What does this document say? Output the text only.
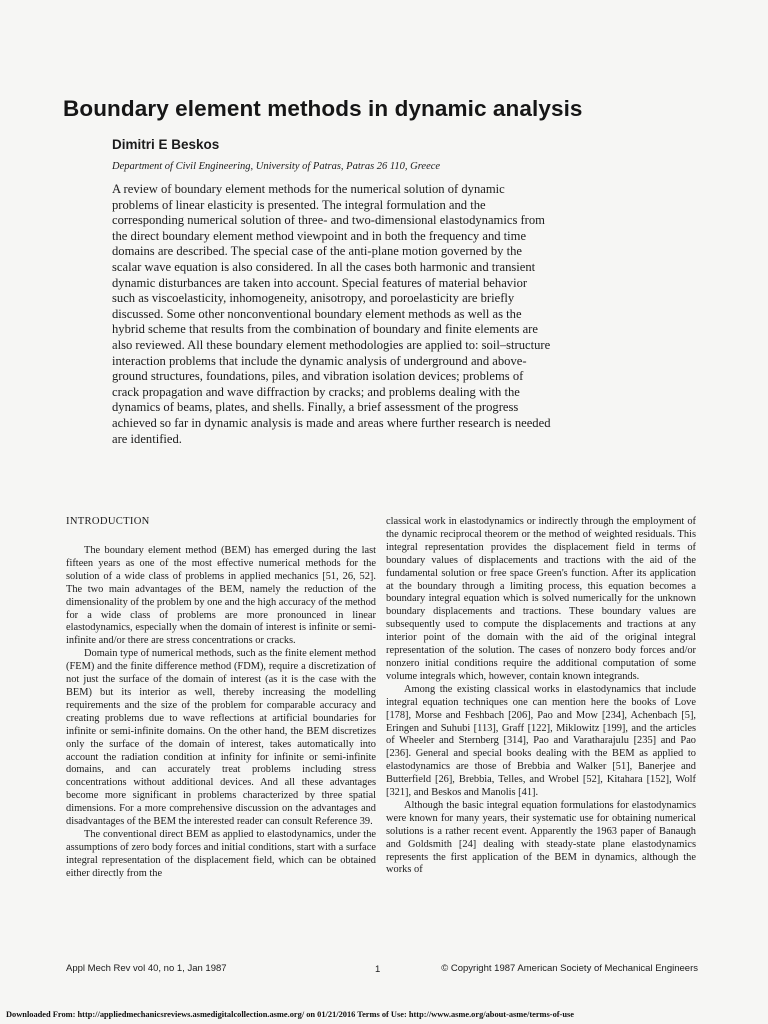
Boundary element methods in dynamic analysis
Dimitri E Beskos
Department of Civil Engineering, University of Patras, Patras 26 110, Greece

A review of boundary element methods for the numerical solution of dynamic problems of linear elasticity is presented. The integral formulation and the corresponding numerical solution of three- and two-dimensional elastodynamics from the direct boundary element method viewpoint and in both the frequency and time domains are described. The special case of the anti-plane motion governed by the scalar wave equation is also considered. In all the cases both harmonic and transient dynamic disturbances are taken into account. Special features of material behavior such as viscoelasticity, inhomogeneity, anisotropy, and poroelasticity are briefly discussed. Some other nonconventional boundary element methods as well as the hybrid scheme that results from the combination of boundary and finite elements are also reviewed. All these boundary element methodologies are applied to: soil–structure interaction problems that include the dynamic analysis of underground and above-ground structures, foundations, piles, and vibration isolation devices; problems of crack propagation and wave diffraction by cracks; and problems dealing with the dynamics of beams, plates, and shells. Finally, a brief assessment of the progress achieved so far in dynamic analysis is made and areas where further research is needed are identified.

INTRODUCTION

The boundary element method (BEM) has emerged during the last fifteen years as one of the most effective numerical methods for the solution of a wide class of problems in applied mechanics [51, 26, 52]. The two main advantages of the BEM, namely the reduction of the dimensionality of the problem by one and the high accuracy of the method for a wide class of problems are more pronounced in linear elastodynamics, especially when the domain of interest is infinite or semi-infinite and/or there are stress concentrations or cracks.

Domain type of numerical methods, such as the finite element method (FEM) and the finite difference method (FDM), require a discretization of not just the surface of the domain of interest (as it is the case with the BEM) but its interior as well, thereby increasing the modelling requirements and the size of the problem for comparable accuracy and creating problems due to wave reflections at artificial boundaries for infinite or semi-infinite domains. On the other hand, the BEM discretizes only the surface of the domain of interest, takes automatically into account the radiation condition at infinity for infinite or semi-infinite domains, and can accurately treat problems including stress concentrations without additional devices. And all these advantages become more significant in problems characterized by three spatial dimensions. For a more comprehensive discussion on the advantages and disadvantages of the BEM the interested reader can consult Reference 39.

The conventional direct BEM as applied to elastodynamics, under the assumptions of zero body forces and initial conditions, start with a surface integral representation of the displacement field, which can be obtained either directly from the

classical work in elastodynamics or indirectly through the employment of the dynamic reciprocal theorem or the method of weighted residuals. This integral representation provides the displacement field in terms of boundary values of displacements and tractions with the aid of the fundamental solution or free space Green's function. After its application at the boundary through a limiting process, this equation becomes a boundary integral equation which is solved numerically for the unknown boundary displacements and tractions. These boundary values are subsequently used to compute the displacements and tractions at any interior point of the domain with the aid of the original integral representation of the solution. The cases of nonzero body forces and/or nonzero initial conditions require the additional computation of some volume integrals which, however, contain known integrands.

Among the existing classical works in elastodynamics that include integral equation techniques one can mention here the books of Love [178], Morse and Feshbach [206], Pao and Mow [234], Achenbach [5], Eringen and Suhubi [113], Graff [122], Miklowitz [199], and the articles of Wheeler and Sternberg [314], Pao and Varatharajulu [235] and Pao [236]. General and special books dealing with the BEM as applied to elastodynamics are those of Brebbia and Walker [51], Banerjee and Butterfield [26], Brebbia, Telles, and Wrobel [52], Kitahara [152], Wolf [321], and Beskos and Manolis [41].

Although the basic integral equation formulations for elastodynamics were known for many years, their systematic use for obtaining numerical solutions is a rather recent event. Apparently the 1963 paper of Banaugh and Goldsmith [24] dealing with steady-state plane elastodynamics represents the first application of the BEM in dynamics, although the works of

Appl Mech Rev vol 40, no 1, Jan 1987	1	© Copyright 1987 American Society of Mechanical Engineers
Downloaded From: http://appliedmechanicsreviews.asmedigitalcollection.asme.org/ on 01/21/2016 Terms of Use: http://www.asme.org/about-asme/terms-of-use
